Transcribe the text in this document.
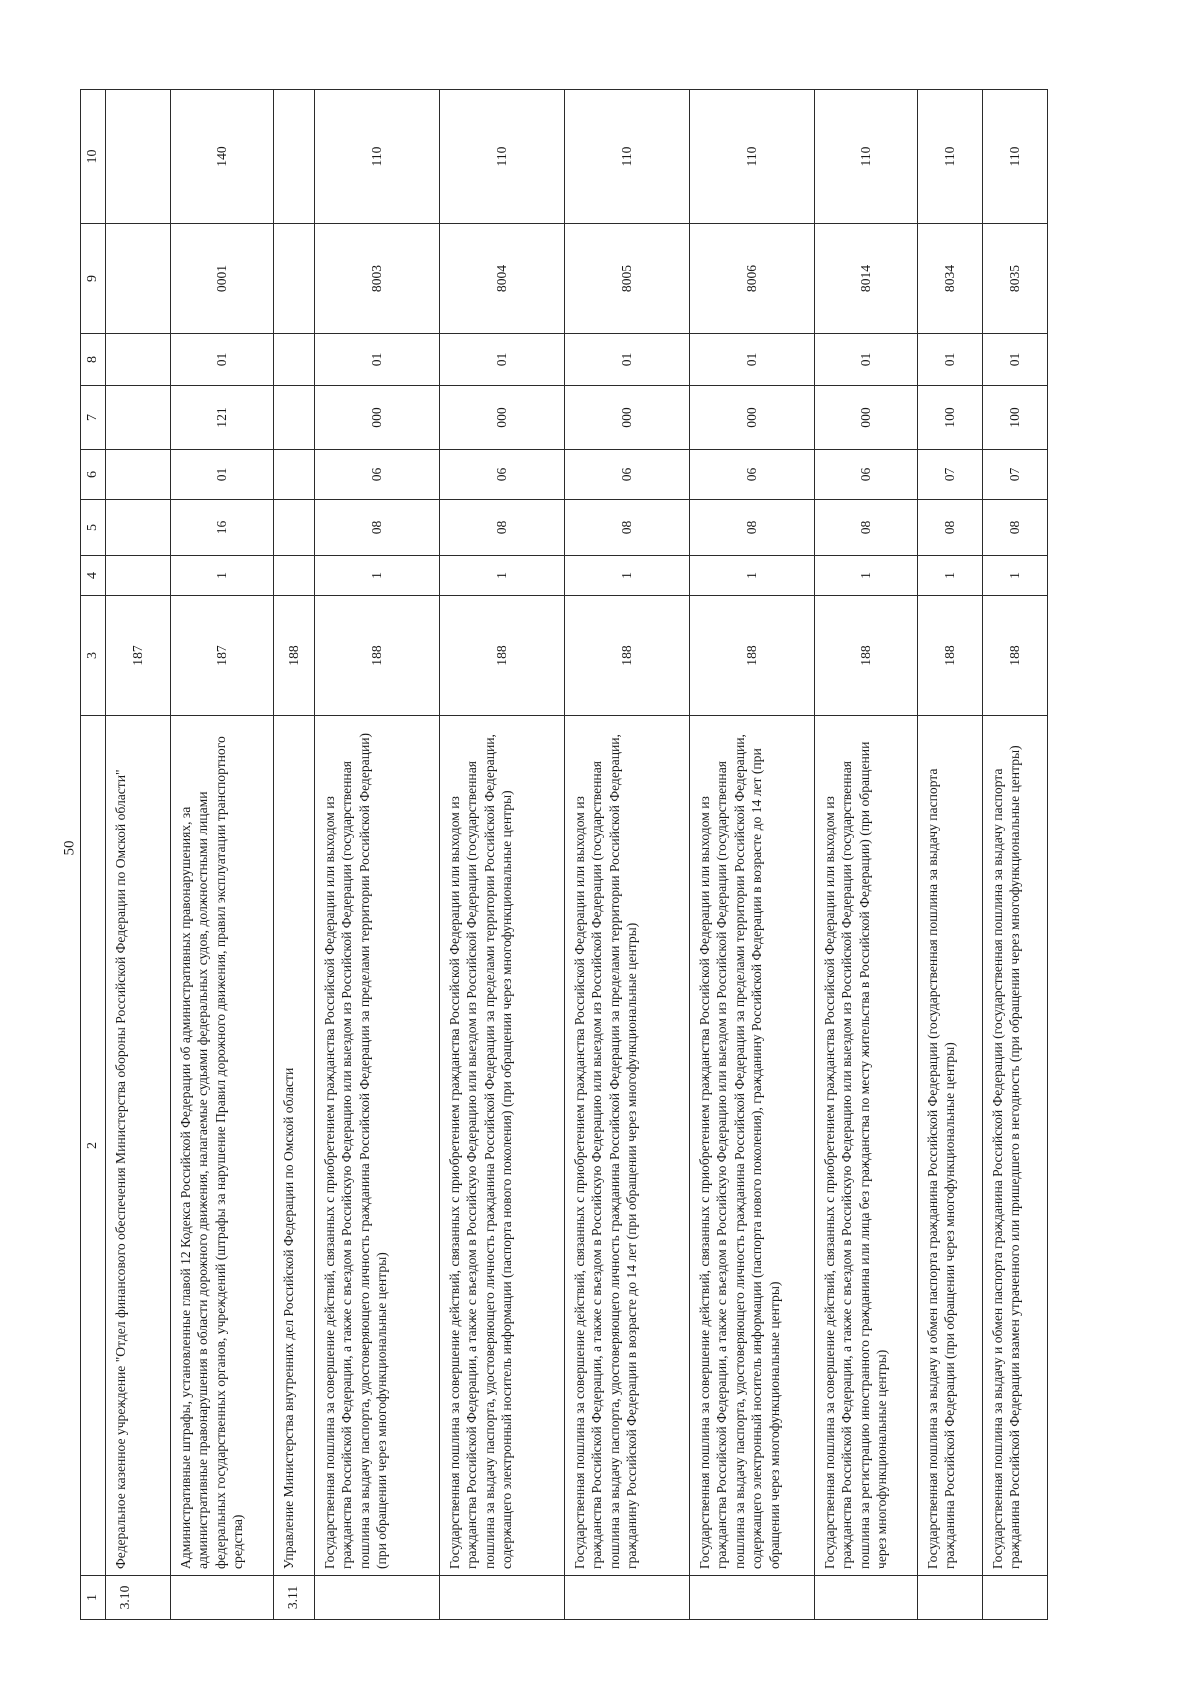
50
1	2	3	4	5	6	7	8	9	10
3.10	Федеральное казенное учреждение "Отдел финансового обеспечения Министерства обороны Российской Федерации по Омской области"	187							
	Административные штрафы, установленные главой 12 Кодекса Российской Федерации об административных правонарушениях, за административные правонарушения в области дорожного движения, налагаемые судьями федеральных судов, должностными лицами федеральных государственных органов, учреждений (штрафы за нарушение Правил дорожного движения, правил эксплуатации транспортного средства)	187	1	16	01	121	01	0001	140
3.11	Управление Министерства внутренних дел Российской Федерации по Омской области	188							
	Государственная пошлина за совершение действий, связанных с приобретением гражданства Российской Федерации или выходом из гражданства Российской Федерации, а также с въездом в Российскую Федерацию или выездом из Российской Федерации (государственная пошлина за выдачу паспорта, удостоверяющего личность гражданина Российской Федерации за пределами территории Российской Федерации) (при обращении через многофункциональные центры)	188	1	08	06	000	01	8003	110
	Государственная пошлина за совершение действий, связанных с приобретением гражданства Российской Федерации или выходом из гражданства Российской Федерации, а также с въездом в Российскую Федерацию или выездом из Российской Федерации (государственная пошлина за выдачу паспорта, удостоверяющего личность гражданина Российской Федерации за пределами территории Российской Федерации, содержащего электронный носитель информации (паспорта нового поколения) (при обращении через многофункциональные центры)	188	1	08	06	000	01	8004	110
	Государственная пошлина за совершение действий, связанных с приобретением гражданства Российской Федерации или выходом из гражданства Российской Федерации, а также с въездом в Российскую Федерацию или выездом из Российской Федерации (государственная пошлина за выдачу паспорта, удостоверяющего личность гражданина Российской Федерации за пределами территории Российской Федерации, гражданину Российской Федерации в возрасте до 14 лет (при обращении через многофункциональные центры)	188	1	08	06	000	01	8005	110
	Государственная пошлина за совершение действий, связанных с приобретением гражданства Российской Федерации или выходом из гражданства Российской Федерации, а также с въездом в Российскую Федерацию или выездом из Российской Федерации (государственная пошлина за выдачу паспорта, удостоверяющего личность гражданина Российской Федерации за пределами территории Российской Федерации, содержащего электронный носитель информации (паспорта нового поколения), гражданину Российской Федерации в возрасте до 14 лет (при обращении через многофункциональные центры)	188	1	08	06	000	01	8006	110
	Государственная пошлина за совершение действий, связанных с приобретением гражданства Российской Федерации или выходом из гражданства Российской Федерации, а также с въездом в Российскую Федерацию или выездом из Российской Федерации (государственная пошлина за регистрацию иностранного гражданина или лица без гражданства по месту жительства в Российской Федерации) (при обращении через многофункциональные центры)	188	1	08	06	000	01	8014	110
	Государственная пошлина за выдачу и обмен паспорта гражданина Российской Федерации (государственная пошлина за выдачу паспорта гражданина Российской Федерации (при обращении через многофункциональные центры)	188	1	08	07	100	01	8034	110
	Государственная пошлина за выдачу и обмен паспорта гражданина Российской Федерации (государственная пошлина за выдачу паспорта гражданина Российской Федерации взамен утраченного или пришедшего в негодность (при обращении через многофункциональные центры)	188	1	08	07	100	01	8035	110
